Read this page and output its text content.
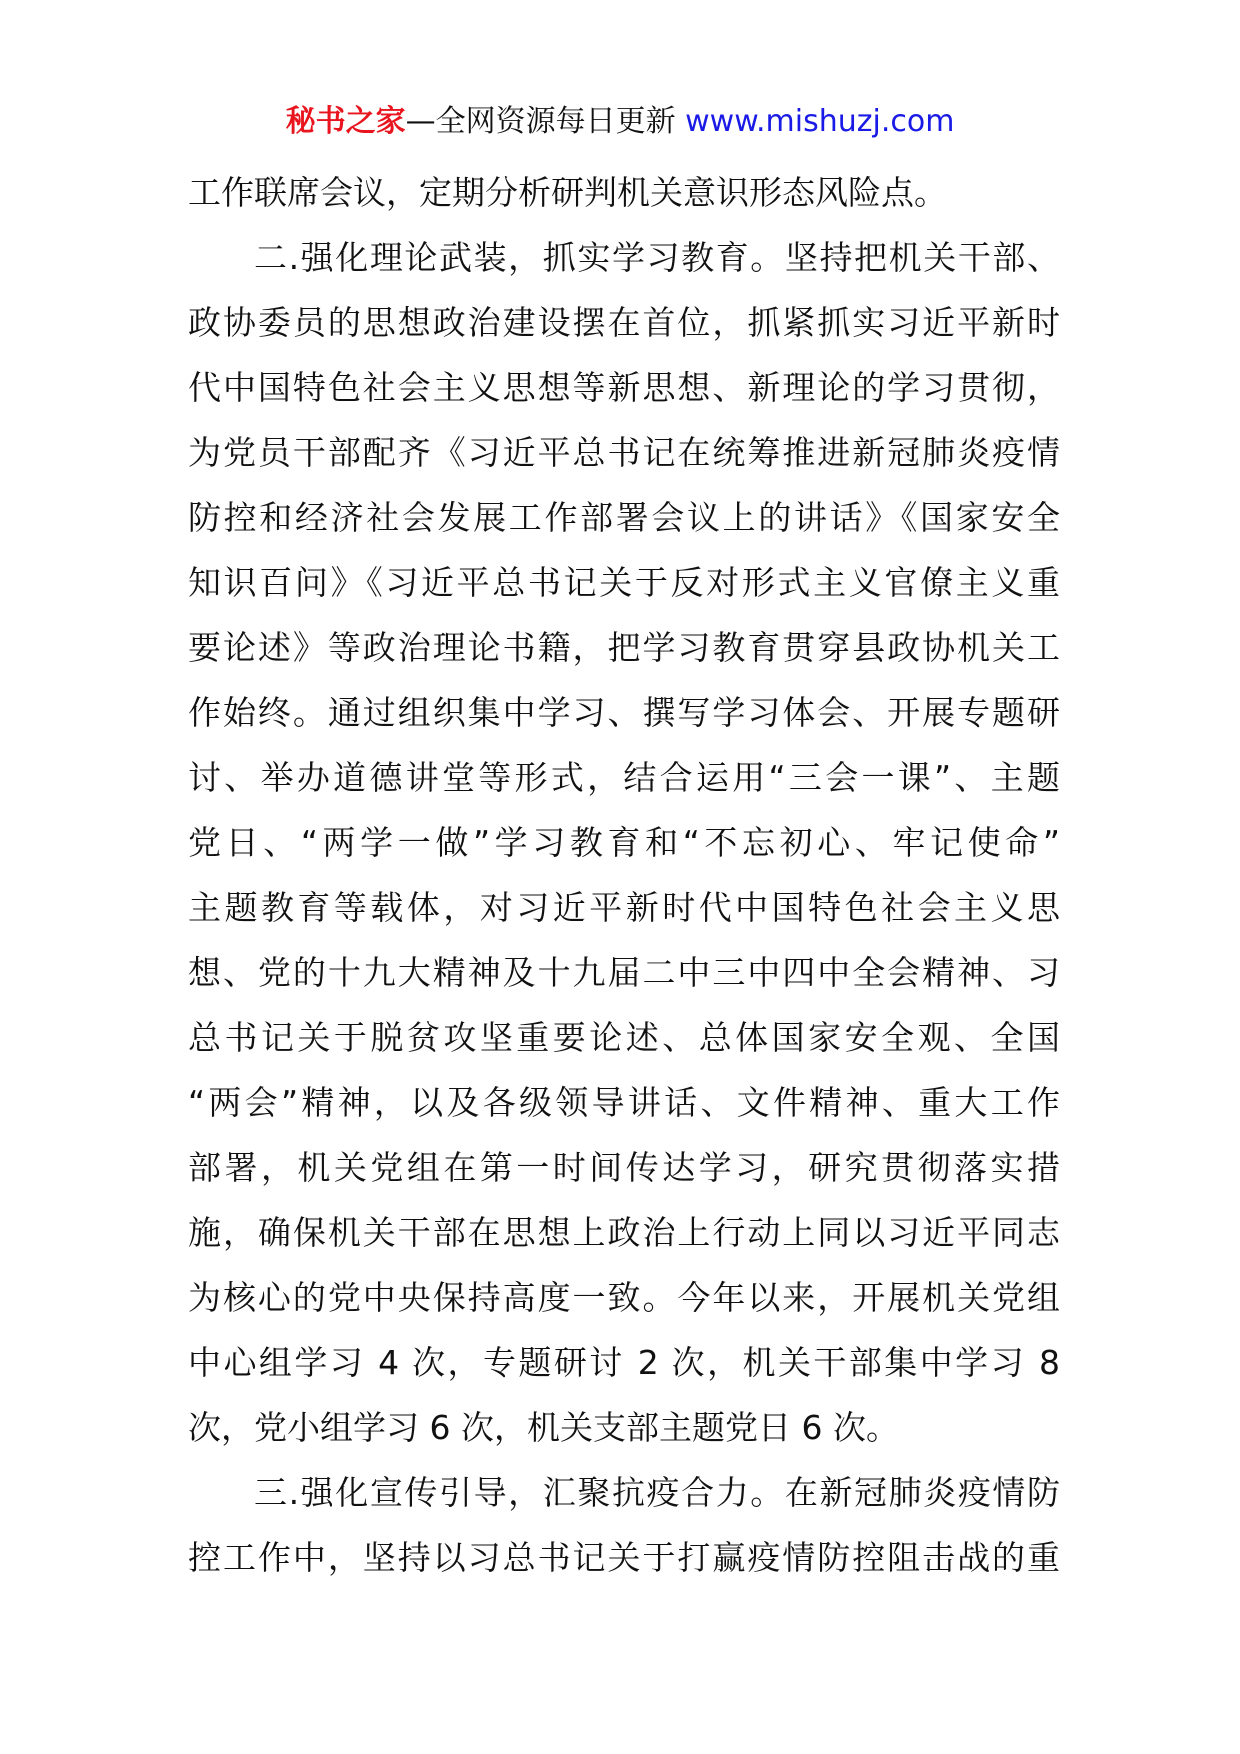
秘书之家—全网资源每日更新 www.mishuzj.com
工作联席会议，定期分析研判机关意识形态风险点。
二.强化理论武装，抓实学习教育。坚持把机关干部、
政协委员的思想政治建设摆在首位，抓紧抓实习近平新时
代中国特色社会主义思想等新思想、新理论的学习贯彻，
为党员干部配齐《习近平总书记在统筹推进新冠肺炎疫情
防控和经济社会发展工作部署会议上的讲话》《国家安全
知识百问》《习近平总书记关于反对形式主义官僚主义重
要论述》等政治理论书籍，把学习教育贯穿县政协机关工
作始终。通过组织集中学习、撰写学习体会、开展专题研
讨、举办道德讲堂等形式，结合运用“三会一课”、主题
党日、“两学一做”学习教育和“不忘初心、牢记使命”
主题教育等载体，对习近平新时代中国特色社会主义思
想、党的十九大精神及十九届二中三中四中全会精神、习
总书记关于脱贫攻坚重要论述、总体国家安全观、全国
“两会”精神，以及各级领导讲话、文件精神、重大工作
部署，机关党组在第一时间传达学习，研究贯彻落实措
施，确保机关干部在思想上政治上行动上同以习近平同志
为核心的党中央保持高度一致。今年以来，开展机关党组
中心组学习 4 次，专题研讨 2 次，机关干部集中学习 8
次，党小组学习 6 次，机关支部主题党日 6 次。
三.强化宣传引导，汇聚抗疫合力。在新冠肺炎疫情防
控工作中，坚持以习总书记关于打赢疫情防控阻击战的重
